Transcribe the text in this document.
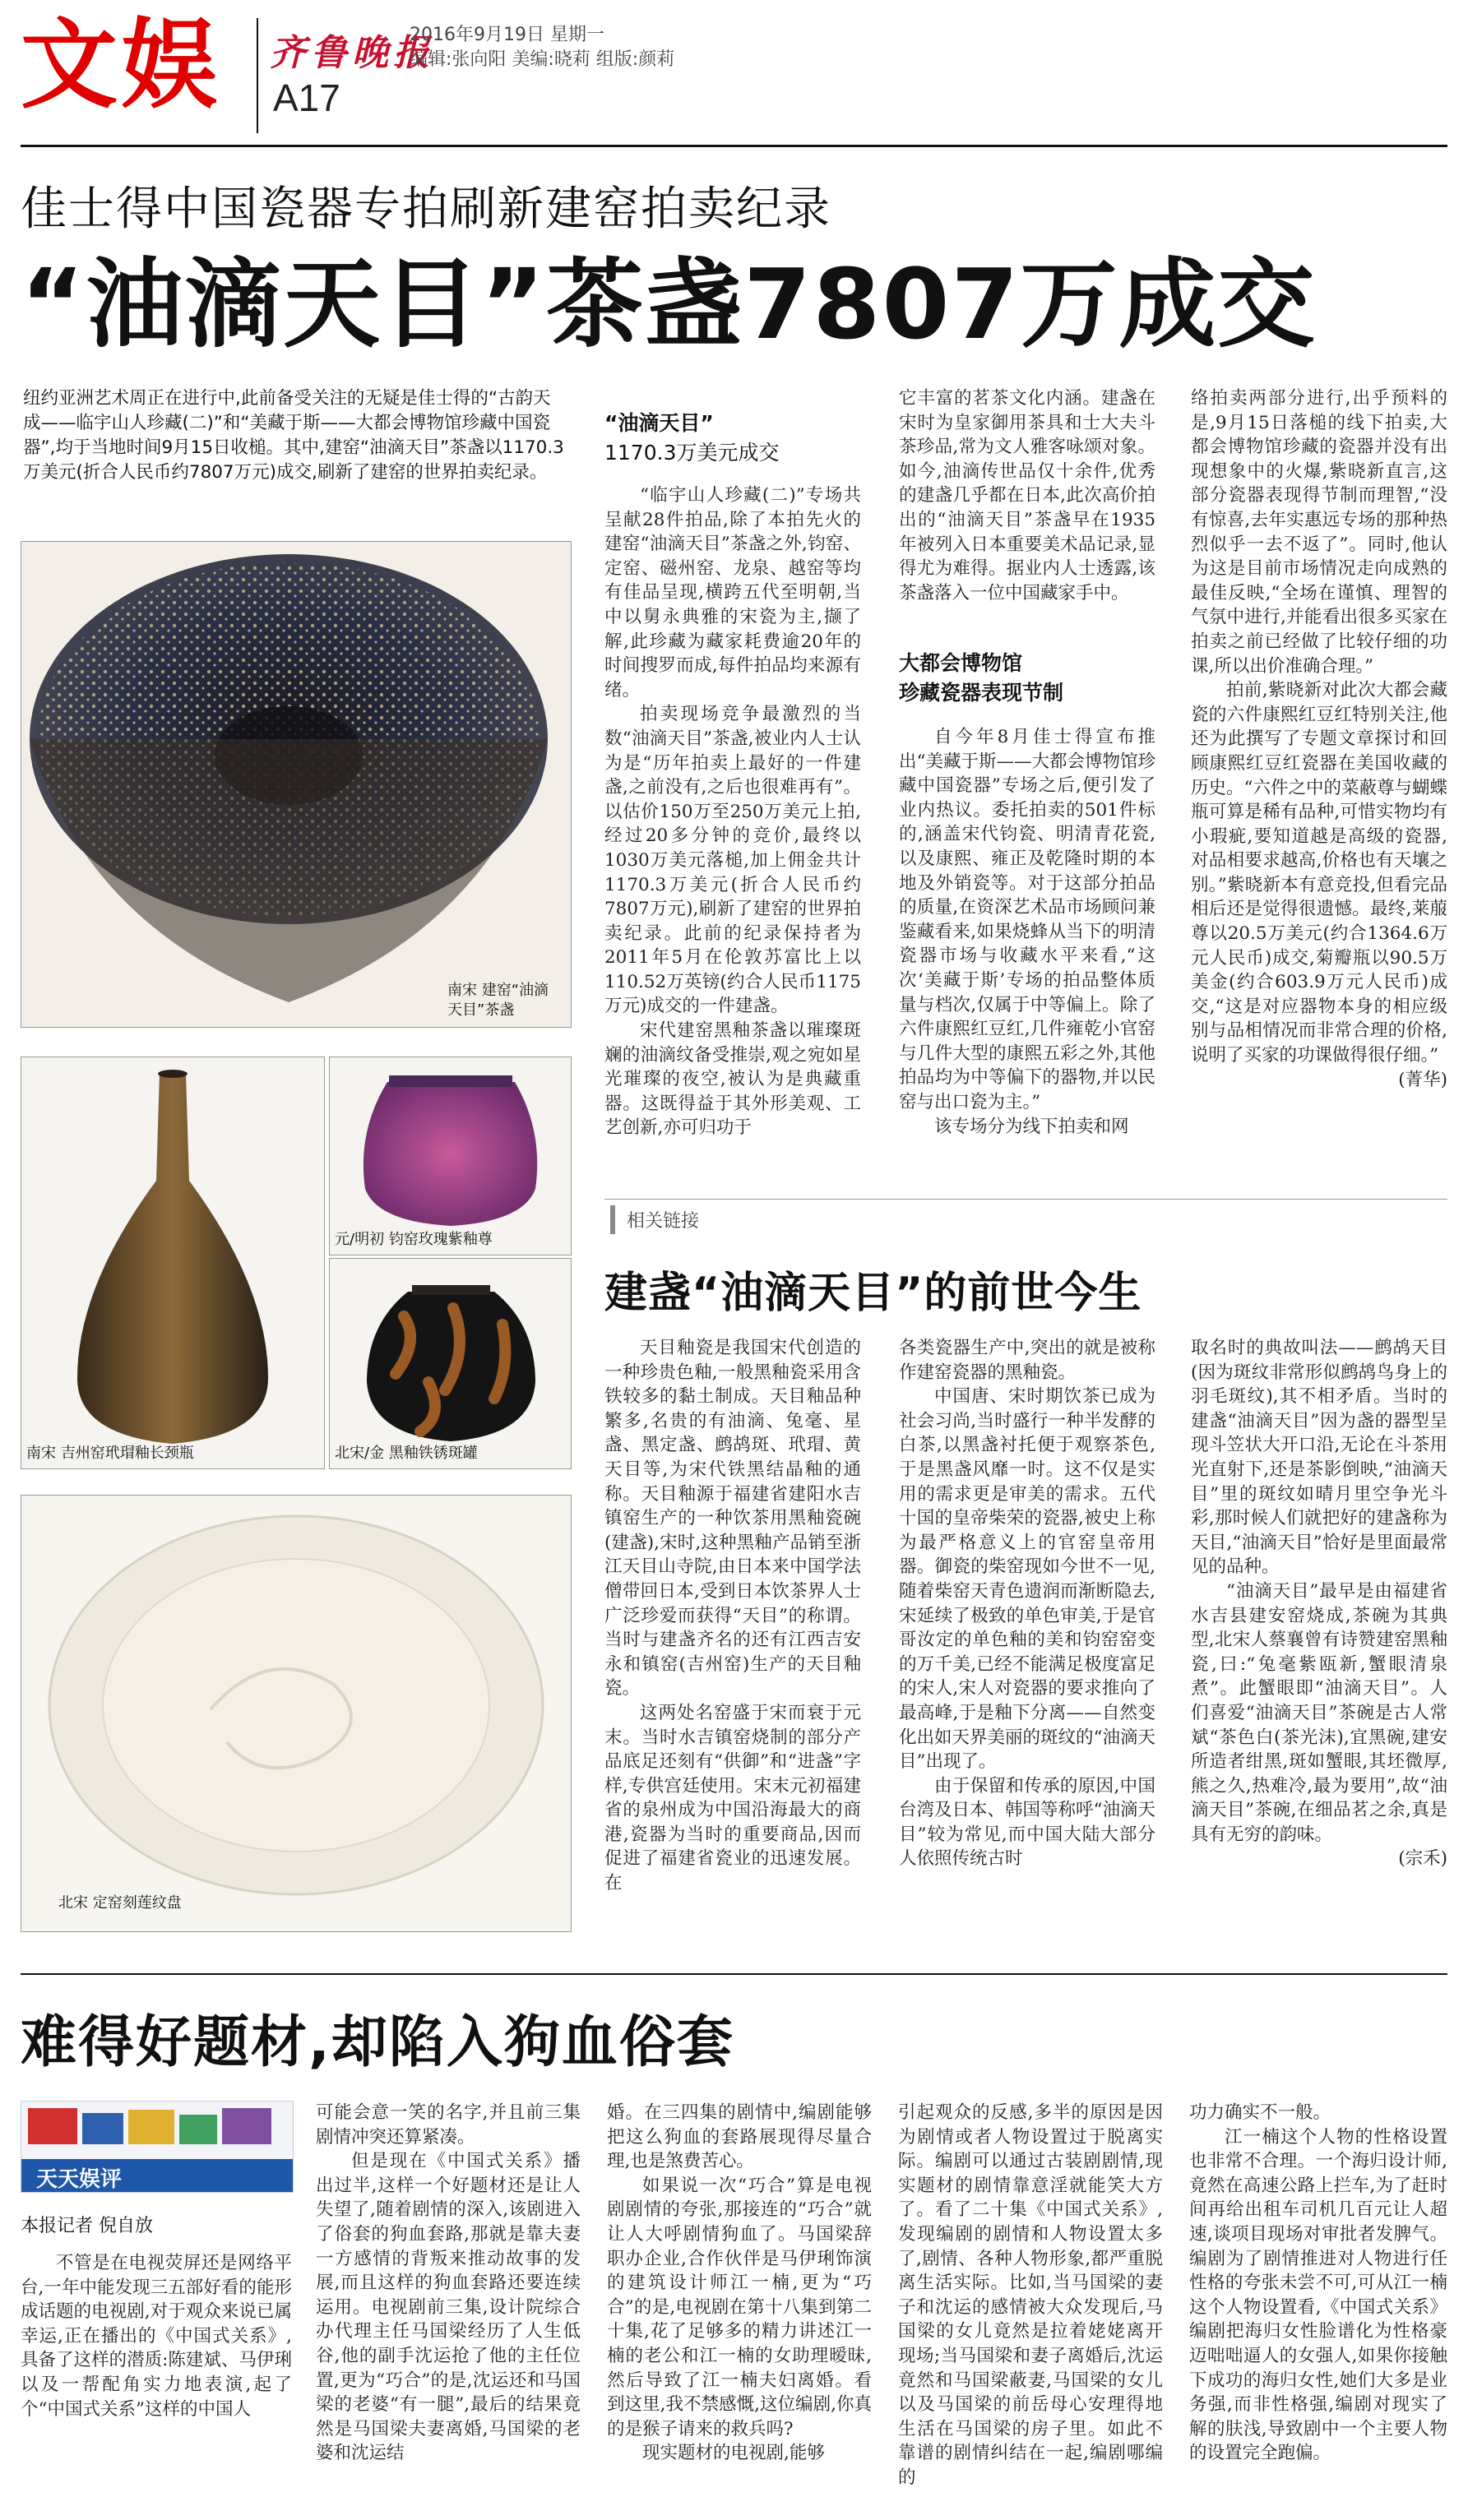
文娱 齐鲁晚报
A17
2016年9月19日 星期一
编辑:张向阳 美编:晓莉 组版:颜莉
佳士得中国瓷器专拍刷新建窑拍卖纪录
“油滴天目”茶盏7807万成交
纽约亚洲艺术周正在进行中,此前备受关注的无疑是佳士得的“古韵天成——临宇山人珍藏(二)”和“美藏于斯——大都会博物馆珍藏中国瓷器”,均于当地时间9月15日收槌。其中,建窑“油滴天目”茶盏以1170.3万美元(折合人民币约7807万元)成交,刷新了建窑的世界拍卖纪录。
南宋 建窑“油滴天目”茶盏
南宋 吉州窑玳瑁釉长颈瓶
元/明初 钧窑玫瑰紫釉尊
北宋/金 黑釉铁锈斑罐
北宋 定窑刻莲纹盘
“油滴天目”
1170.3万美元成交

“临宇山人珍藏(二)”专场共呈献28件拍品,除了本拍先火的建窑“油滴天目”茶盏之外,钧窑、定窑、磁州窑、龙泉、越窑等均有佳品呈现,横跨五代至明朝,当中以舅永典雅的宋瓷为主,撷了解,此珍藏为藏家耗费逾20年的时间搜罗而成,每件拍品均来源有绪。

拍卖现场竞争最激烈的当数“油滴天目”茶盏,被业内人士认为是“历年拍卖上最好的一件建盏,之前没有,之后也很难再有”。以估价150万至250万美元上拍,经过20多分钟的竞价,最终以1030万美元落槌,加上佣金共计1170.3万美元(折合人民币约7807万元),刷新了建窑的世界拍卖纪录。此前的纪录保持者为2011年5月在伦敦苏富比上以110.52万英镑(约合人民币1175万元)成交的一件建盏。

宋代建窑黑釉茶盏以璀璨斑斓的油滴纹备受推崇,观之宛如星光璀璨的夜空,被认为是典藏重器。这既得益于其外形美观、工艺创新,亦可归功于

它丰富的茗茶文化内涵。建盏在宋时为皇家御用茶具和士大夫斗茶珍品,常为文人雅客咏颂对象。如今,油滴传世品仅十余件,优秀的建盏几乎都在日本,此次高价拍出的“油滴天目”茶盏早在1935年被列入日本重要美术品记录,显得尤为难得。据业内人士透露,该茶盏落入一位中国藏家手中。

大都会博物馆
珍藏瓷器表现节制

自今年8月佳士得宣布推出“美藏于斯——大都会博物馆珍藏中国瓷器”专场之后,便引发了业内热议。委托拍卖的501件标的,涵盖宋代钧瓷、明清青花瓷,以及康熙、雍正及乾隆时期的本地及外销瓷等。对于这部分拍品的质量,在资深艺术品市场顾问兼鉴藏看来,如果烧蜂从当下的明清瓷器市场与收藏水平来看,“这次‘美藏于斯’专场的拍品整体质量与档次,仅属于中等偏上。除了六件康熙红豆红,几件雍乾小官窑与几件大型的康熙五彩之外,其他拍品均为中等偏下的器物,并以民窑与出口瓷为主。”

该专场分为线下拍卖和网

络拍卖两部分进行,出乎预料的是,9月15日落槌的线下拍卖,大都会博物馆珍藏的瓷器并没有出现想象中的火爆,紫晓新直言,这部分瓷器表现得节制而理智,“没有惊喜,去年实惠远专场的那种热烈似乎一去不返了”。同时,他认为这是目前市场情况走向成熟的最佳反映,“全场在谨慎、理智的气氛中进行,并能看出很多买家在拍卖之前已经做了比较仔细的功课,所以出价准确合理。”

拍前,紫晓新对此次大都会藏瓷的六件康熙红豆红特别关注,他还为此撰写了专题文章探讨和回顾康熙红豆红瓷器在美国收藏的历史。“六件之中的菜蔽尊与蝴蝶瓶可算是稀有品种,可惜实物均有小瑕疵,要知道越是高级的瓷器,对品相要求越高,价格也有天壤之别。”紫晓新本有意竞投,但看完品相后还是觉得很遗憾。最终,莱菔尊以20.5万美元(约合1364.6万元人民币)成交,菊瓣瓶以90.5万美金(约合603.9万元人民币)成交,“这是对应器物本身的相应级别与品相情况而非常合理的价格,说明了买家的功课做得很仔细。”

(菁华)

相关链接
建盏“油滴天目”的前世今生

天目釉瓷是我国宋代创造的一种珍贵色釉,一般黑釉瓷采用含铁较多的黏土制成。天目釉品种繁多,名贵的有油滴、兔毫、星盏、黑定盏、鹧鸪斑、玳瑁、黄天目等,为宋代铁黑结晶釉的通称。天目釉源于福建省建阳水吉镇窑生产的一种饮茶用黑釉瓷碗(建盏),宋时,这种黑釉产品销至浙江天目山寺院,由日本来中国学法僧带回日本,受到日本饮茶界人士广泛珍爱而获得“天目”的称谓。当时与建盏齐名的还有江西吉安永和镇窑(吉州窑)生产的天目釉瓷。

这两处名窑盛于宋而衰于元末。当时水吉镇窑烧制的部分产品底足还刻有“供御”和“进盏”字样,专供宫廷使用。宋末元初福建省的泉州成为中国沿海最大的商港,瓷器为当时的重要商品,因而促进了福建省瓷业的迅速发展。在

各类瓷器生产中,突出的就是被称作建窑瓷器的黑釉瓷。

中国唐、宋时期饮茶已成为社会习尚,当时盛行一种半发酵的白茶,以黑盏衬托便于观察茶色,于是黑盏风靡一时。这不仅是实用的需求更是审美的需求。五代十国的皇帝柴荣的瓷器,被史上称为最严格意义上的官窑皇帝用器。御瓷的柴窑现如今世不一见,随着柴窑天青色遗润而渐断隐去,宋延续了极致的单色审美,于是官哥汝定的单色釉的美和钧窑窑变的万千美,已经不能满足极度富足的宋人,宋人对瓷器的要求推向了最高峰,于是釉下分离——自然变化出如天界美丽的斑纹的“油滴天目”出现了。

由于保留和传承的原因,中国台湾及日本、韩国等称呼“油滴天目”较为常见,而中国大陆大部分人依照传统古时

取名时的典故叫法——鹧鸪天目(因为斑纹非常形似鹧鸪鸟身上的羽毛斑纹),其不相矛盾。当时的建盏“油滴天目”因为盏的器型呈现斗笠状大开口沿,无论在斗茶用光直射下,还是茶影倒映,“油滴天目”里的斑纹如晴月里空争光斗彩,那时候人们就把好的建盏称为天目,“油滴天目”恰好是里面最常见的品种。

“油滴天目”最早是由福建省水吉县建安窑烧成,茶碗为其典型,北宋人蔡襄曾有诗赞建窑黑釉瓷,曰:“兔毫紫瓯新,蟹眼清泉煮”。此蟹眼即“油滴天目”。人们喜爱“油滴天目”茶碗是古人常斌“茶色白(茶光沫),宜黑碗,建安所造者绀黑,斑如蟹眼,其坯微厚,熊之久,热难冷,最为要用”,故“油滴天目”茶碗,在细品茗之余,真是具有无穷的韵味。

(宗禾)

难得好题材,却陷入狗血俗套
天天娱评
本报记者 倪自放

不管是在电视荧屏还是网络平台,一年中能发现三五部好看的能形成话题的电视剧,对于观众来说已属幸运,正在播出的《中国式关系》,具备了这样的潜质:陈建斌、马伊琍以及一帮配角实力地表演,起了个“中国式关系”这样的中国人

可能会意一笑的名字,并且前三集剧情冲突还算紧凑。

但是现在《中国式关系》播出过半,这样一个好题材还是让人失望了,随着剧情的深入,该剧进入了俗套的狗血套路,那就是靠夫妻一方感情的背叛来推动故事的发展,而且这样的狗血套路还要连续运用。电视剧前三集,设计院综合办代理主任马国梁经历了人生低谷,他的副手沈运抢了他的主任位置,更为“巧合”的是,沈运还和马国梁的老婆“有一腿”,最后的结果竟然是马国梁夫妻离婚,马国梁的老婆和沈运结

婚。在三四集的剧情中,编剧能够把这么狗血的套路展现得尽量合理,也是煞费苦心。

如果说一次“巧合”算是电视剧剧情的夸张,那接连的“巧合”就让人大呼剧情狗血了。马国梁辞职办企业,合作伙伴是马伊琍饰演的建筑设计师江一楠,更为“巧合”的是,电视剧在第十八集到第二十集,花了足够多的精力讲述江一楠的老公和江一楠的女助理暧昧,然后导致了江一楠夫妇离婚。看到这里,我不禁感慨,这位编剧,你真的是猴子请来的救兵吗?

现实题材的电视剧,能够

引起观众的反感,多半的原因是因为剧情或者人物设置过于脱离实际。编剧可以通过古装剧剧情,现实题材的剧情靠意淫就能笑大方了。看了二十集《中国式关系》,发现编剧的剧情和人物设置太多了,剧情、各种人物形象,都严重脱离生活实际。比如,当马国梁的妻子和沈运的感情被大众发现后,马国梁的女儿竟然是拉着姥姥离开现场;当马国梁和妻子离婚后,沈运竟然和马国梁蔽妻,马国梁的女儿以及马国梁的前岳母心安理得地生活在马国梁的房子里。如此不靠谱的剧情纠结在一起,编剧哪编的

功力确实不一般。

江一楠这个人物的性格设置也非常不合理。一个海归设计师,竟然在高速公路上拦车,为了赶时间再给出租车司机几百元让人超速,谈项目现场对审批者发脾气。编剧为了剧情推进对人物进行任性格的夸张未尝不可,可从江一楠这个人物设置看,《中国式关系》编剧把海归女性脸谱化为性格豪迈咄咄逼人的女强人,如果你接触下成功的海归女性,她们大多是业务强,而非性格强,编剧对现实了解的肤浅,导致剧中一个主要人物的设置完全跑偏。
